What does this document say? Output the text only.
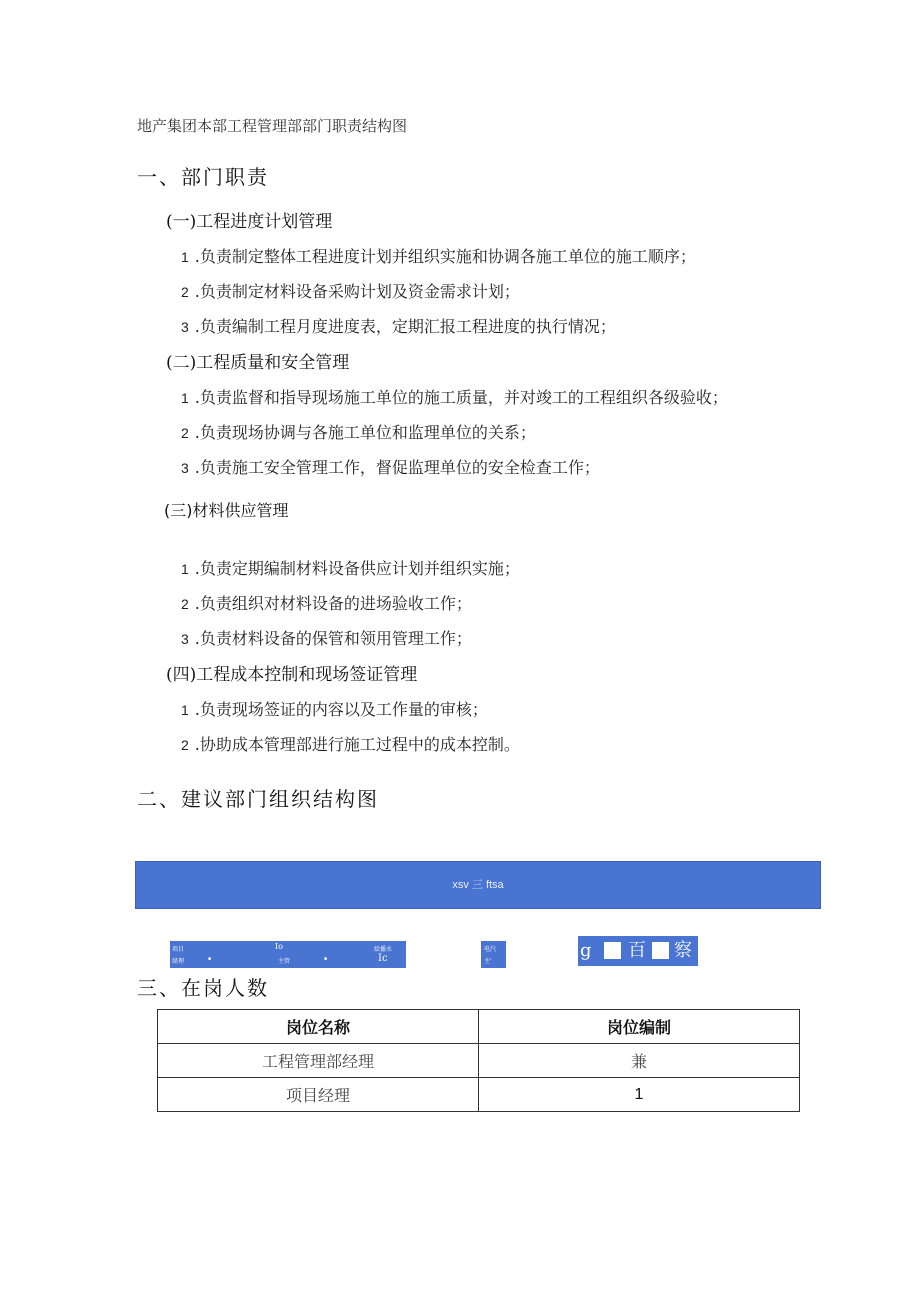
地产集团本部工程管理部部门职责结构图
一、部门职责
(一)工程进度计划管理
1 .负责制定整体工程进度计划并组织实施和协调各施工单位的施工顺序；
2 .负责制定材料设备采购计划及资金需求计划；
3 .负责编制工程月度进度表，定期汇报工程进度的执行情况；
(二)工程质量和安全管理
1 .负责监督和指导现场施工单位的施工质量，并对竣工的工程组织各级验收；
2 .负责现场协调与各施工单位和监理单位的关系；
3 .负责施工安全管理工作，督促监理单位的安全检查工作；
(三)材料供应管理
1 .负责定期编制材料设备供应计划并组织实施；
2 .负责组织对材料设备的进场验收工作；
3 .负责材料设备的保管和领用管理工作；
(四)工程成本控制和现场签证管理
1 .负责现场签证的内容以及工作量的审核；
2 .协助成本管理部进行施工过程中的成本控制。
二、建议部门组织结构图
xsv 三 ftsa
項目	Io	絵播水
経理	■	主管	■	Ic
电汽
主'
g 百 察
三、在岗人数
岗位名称	岗位编制
工程管理部经理	兼
项目经理	1
